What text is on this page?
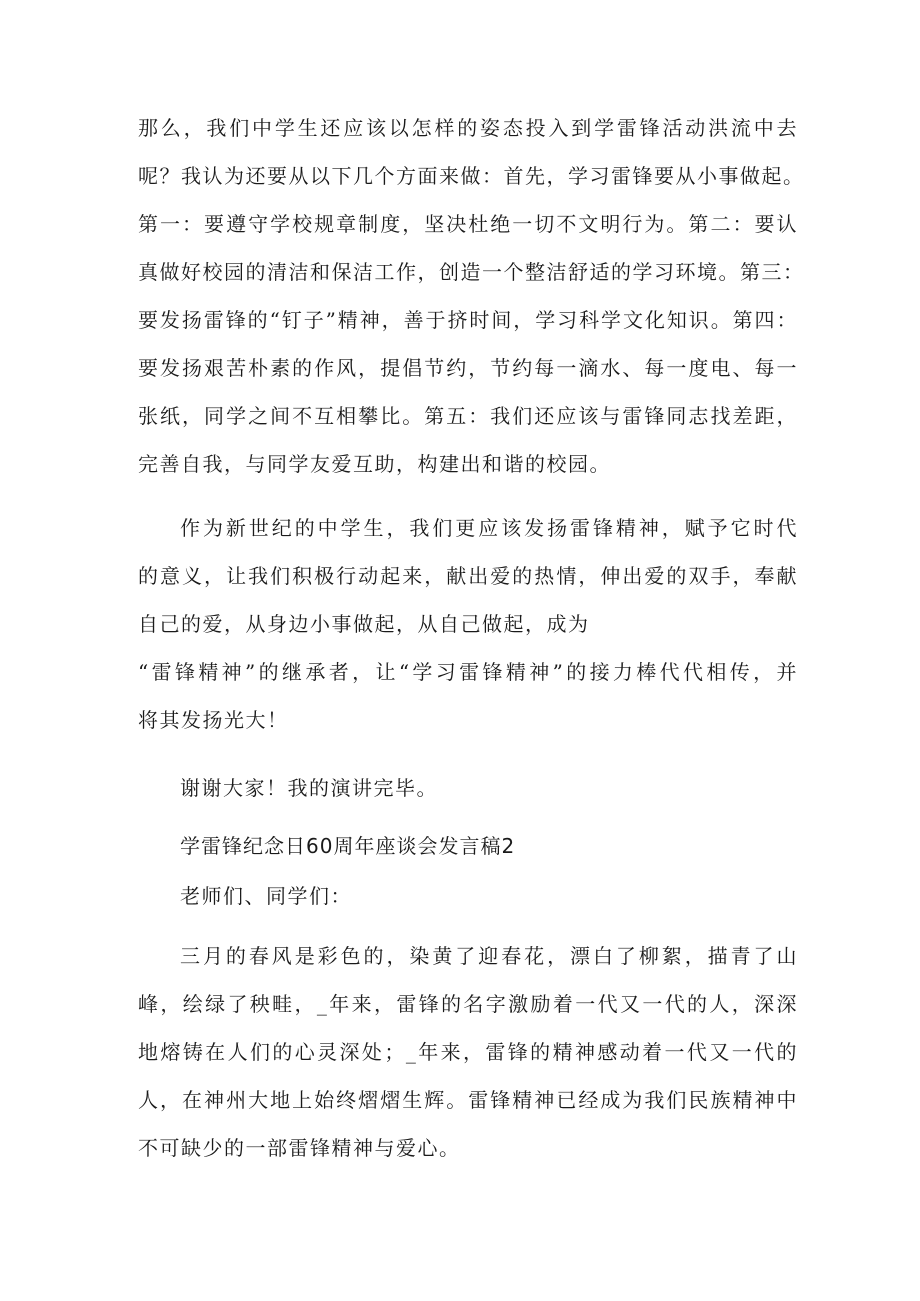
那么，我们中学生还应该以怎样的姿态投入到学雷锋活动洪流中去
呢？我认为还要从以下几个方面来做：首先，学习雷锋要从小事做起。
第一：要遵守学校规章制度，坚决杜绝一切不文明行为。第二：要认
真做好校园的清洁和保洁工作，创造一个整洁舒适的学习环境。第三：
要发扬雷锋的“钉子”精神，善于挤时间，学习科学文化知识。第四：
要发扬艰苦朴素的作风，提倡节约，节约每一滴水、每一度电、每一
张纸，同学之间不互相攀比。第五：我们还应该与雷锋同志找差距，
完善自我，与同学友爱互助，构建出和谐的校园。
作为新世纪的中学生，我们更应该发扬雷锋精神，赋予它时代
的意义，让我们积极行动起来，献出爱的热情，伸出爱的双手，奉献
自己的爱，从身边小事做起，从自己做起，成为
“雷锋精神”的继承者，让“学习雷锋精神”的接力棒代代相传，并
将其发扬光大！

谢谢大家！我的演讲完毕。

学雷锋纪念日60周年座谈会发言稿2

老师们、同学们：

三月的春风是彩色的，染黄了迎春花，漂白了柳絮，描青了山
峰，绘绿了秧畦，_年来，雷锋的名字激励着一代又一代的人，深深
地熔铸在人们的心灵深处；_年来，雷锋的精神感动着一代又一代的
人，在神州大地上始终熠熠生辉。雷锋精神已经成为我们民族精神中
不可缺少的一部雷锋精神与爱心。
